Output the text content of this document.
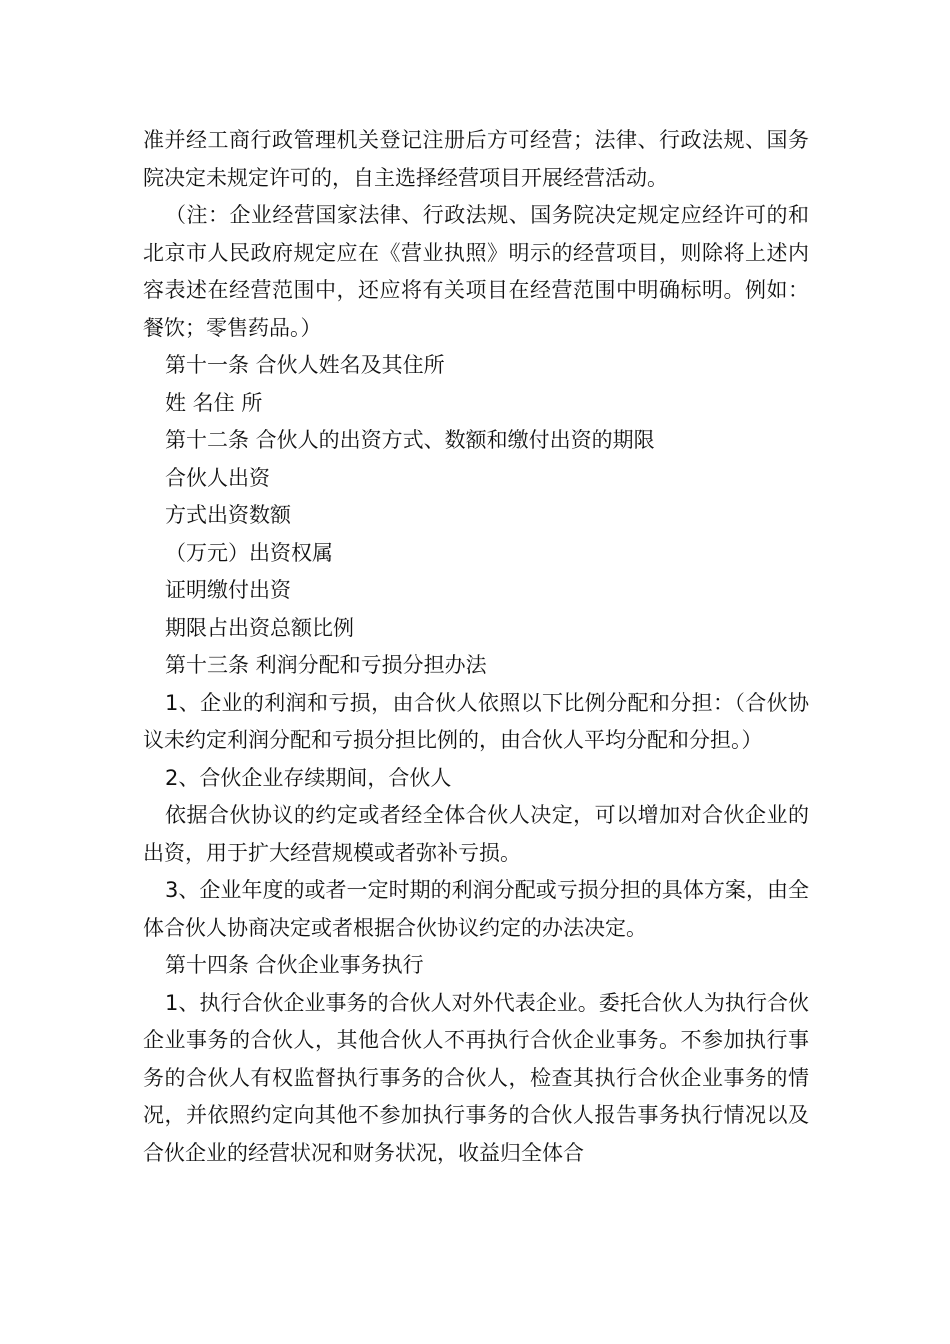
准并经工商行政管理机关登记注册后方可经营；法律、行政法规、国务院决定未规定许可的，自主选择经营项目开展经营活动。

（注：企业经营国家法律、行政法规、国务院决定规定应经许可的和北京市人民政府规定应在《营业执照》明示的经营项目，则除将上述内容表述在经营范围中，还应将有关项目在经营范围中明确标明。例如：餐饮；零售药品。）

第十一条 合伙人姓名及其住所

姓 名住 所

第十二条 合伙人的出资方式、数额和缴付出资的期限

合伙人出资

方式出资数额

（万元）出资权属

证明缴付出资

期限占出资总额比例

第十三条 利润分配和亏损分担办法

1、企业的利润和亏损，由合伙人依照以下比例分配和分担：（合伙协议未约定利润分配和亏损分担比例的，由合伙人平均分配和分担。）

2、合伙企业存续期间，合伙人

依据合伙协议的约定或者经全体合伙人决定，可以增加对合伙企业的出资，用于扩大经营规模或者弥补亏损。

3、企业年度的或者一定时期的利润分配或亏损分担的具体方案，由全体合伙人协商决定或者根据合伙协议约定的办法决定。

第十四条 合伙企业事务执行

1、执行合伙企业事务的合伙人对外代表企业。委托合伙人为执行合伙企业事务的合伙人，其他合伙人不再执行合伙企业事务。不参加执行事务的合伙人有权监督执行事务的合伙人，检查其执行合伙企业事务的情况，并依照约定向其他不参加执行事务的合伙人报告事务执行情况以及合伙企业的经营状况和财务状况，收益归全体合
